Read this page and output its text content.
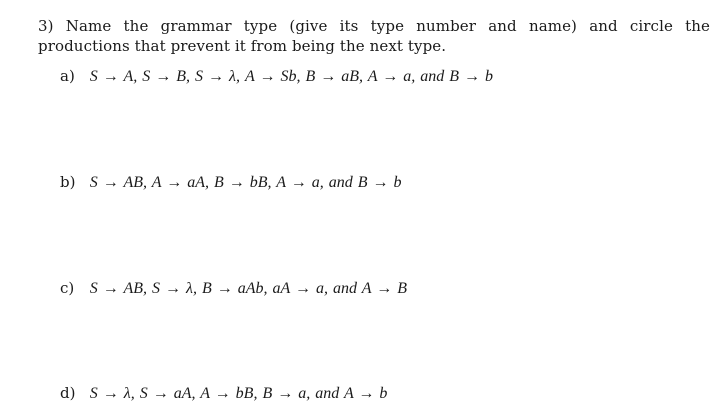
3) Name the grammar type (give its type number and name) and circle the productions that prevent it from being the next type.
a) S → A, S → B, S → λ, A → Sb, B → aB, A → a, and B → b
b) S → AB, A → aA, B → bB, A → a, and B → b
c) S → AB, S → λ, B → aAb, aA → a, and A → B
d) S → λ, S → aA, A → bB, B → a, and A → b
